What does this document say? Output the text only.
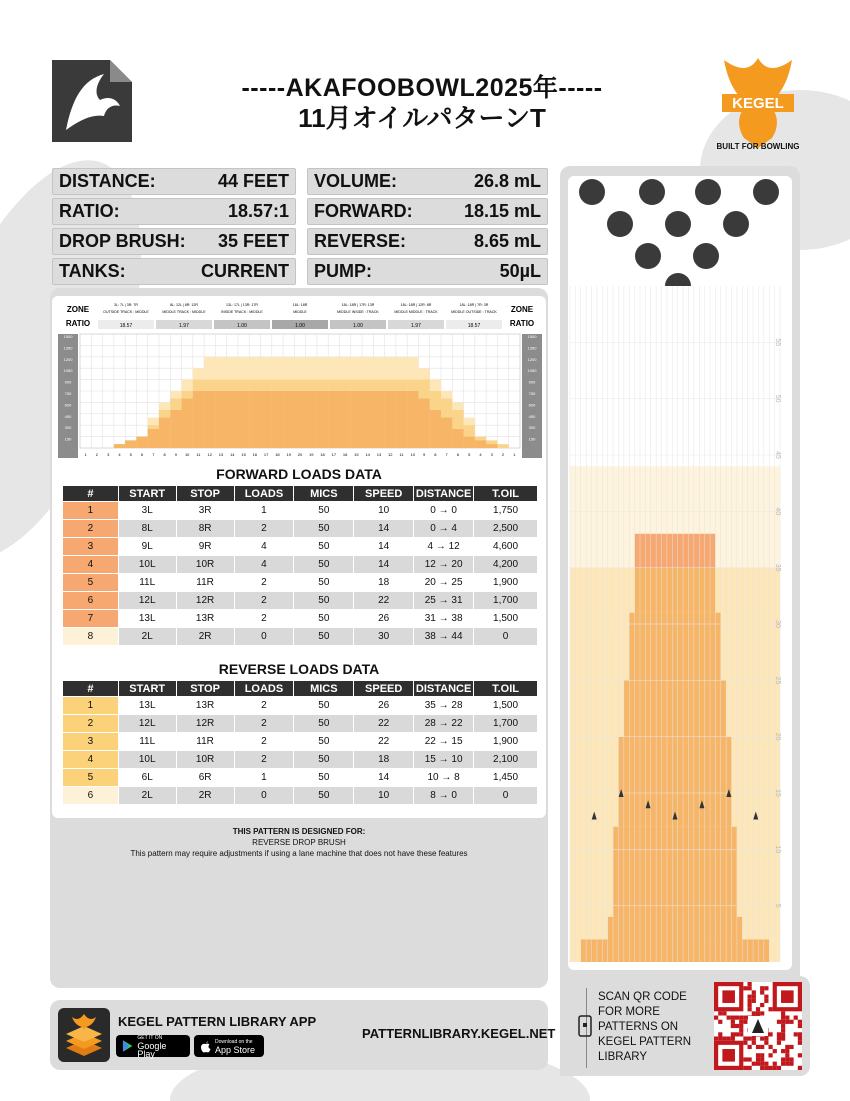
-----AKAFOOBOWL2025年-----
11月オイルパターンT	KEGEL
BUILT FOR BOWLING
DISTANCE:	44 FEET VOLUME:	26.8 mL
RATIO:	18.57:1 FORWARD:	18.15 mL
DROP BRUSH: 35 FEET REVERSE:	8.65 mL
TANKS:	CURRENT PUMP:	50µL
ZONE
RATIO
ZONE
RATIO
3L: 7L | 3R: 7R
OUTSIDE TRACK : MIDDLE
18.57
8L: 12L | 8R: 12R
MIDDLE TRACK : MIDDLE
1.97
13L: 17L | 13R: 17R
INSIDE TRACK : MIDDLE
1.00
18L: 18R
MIDDLE
1.00
18L: 18R | 17R: 13R
MIDDLE INSIDE : TRACK
1.00
18L: 18R | 12R: 8R
MIDDLE MIDDLE : TRACK
1.97
18L: 18R | 7R: 3R
MIDDLE OUTSIDE : TRACK
18.57
1500	1500
1350	1350
1200	1200
1050	1050
900	900
750	750
600	600
450	450
300	300
150	150
1 2 3 4 5 6 7 8 9 10 11 12 13 14 15 16 17 18 19 20 19 18 17 16 15 14 13 12 11 10 9 8 7 6 5 4 3 2 1
FORWARD LOADS DATA
#	START	STOP	LOADS	MICS	SPEED	DISTANCE	T.OIL
1	3L	3R	1	50	10	0 → 0	1,750
2	8L	8R	2	50	14	0 → 4	2,500
3	9L	9R	4	50	14	4 → 12	4,600
4	10L	10R	4	50	14	12 → 20	4,200
5	11L	11R	2	50	18	20 → 25	1,900
6	12L	12R	2	50	22	25 → 31	1,700
7	13L	13R	2	50	26	31 → 38	1,500
8	2L	2R	0	50	30	38 → 44	0
REVERSE LOADS DATA
#	START	STOP	LOADS	MICS	SPEED	DISTANCE	T.OIL
1	13L	13R	2	50	26	35 → 28	1,500
2	12L	12R	2	50	22	28 → 22	1,700
3	11L	11R	2	50	22	22 → 15	1,900
4	10L	10R	2	50	18	15 → 10	2,100
5	6L	6R	1	50	14	10 → 8	1,450
6	2L	2R	0	50	10	8 → 0	0
THIS PATTERN IS DESIGNED FOR:
REVERSE DROP BRUSH
This pattern may require adjustments if using a lane machine that does not have these features
55
50
45
40
35
30
25
20
15
10
5
KEGEL PATTERN LIBRARY APP
GET IT ON
Google Play
Download on the
App Store
PATTERNLIBRARY.KEGEL.NET
SCAN QR CODE FOR MORE PATTERNS ON KEGEL PATTERN LIBRARY
